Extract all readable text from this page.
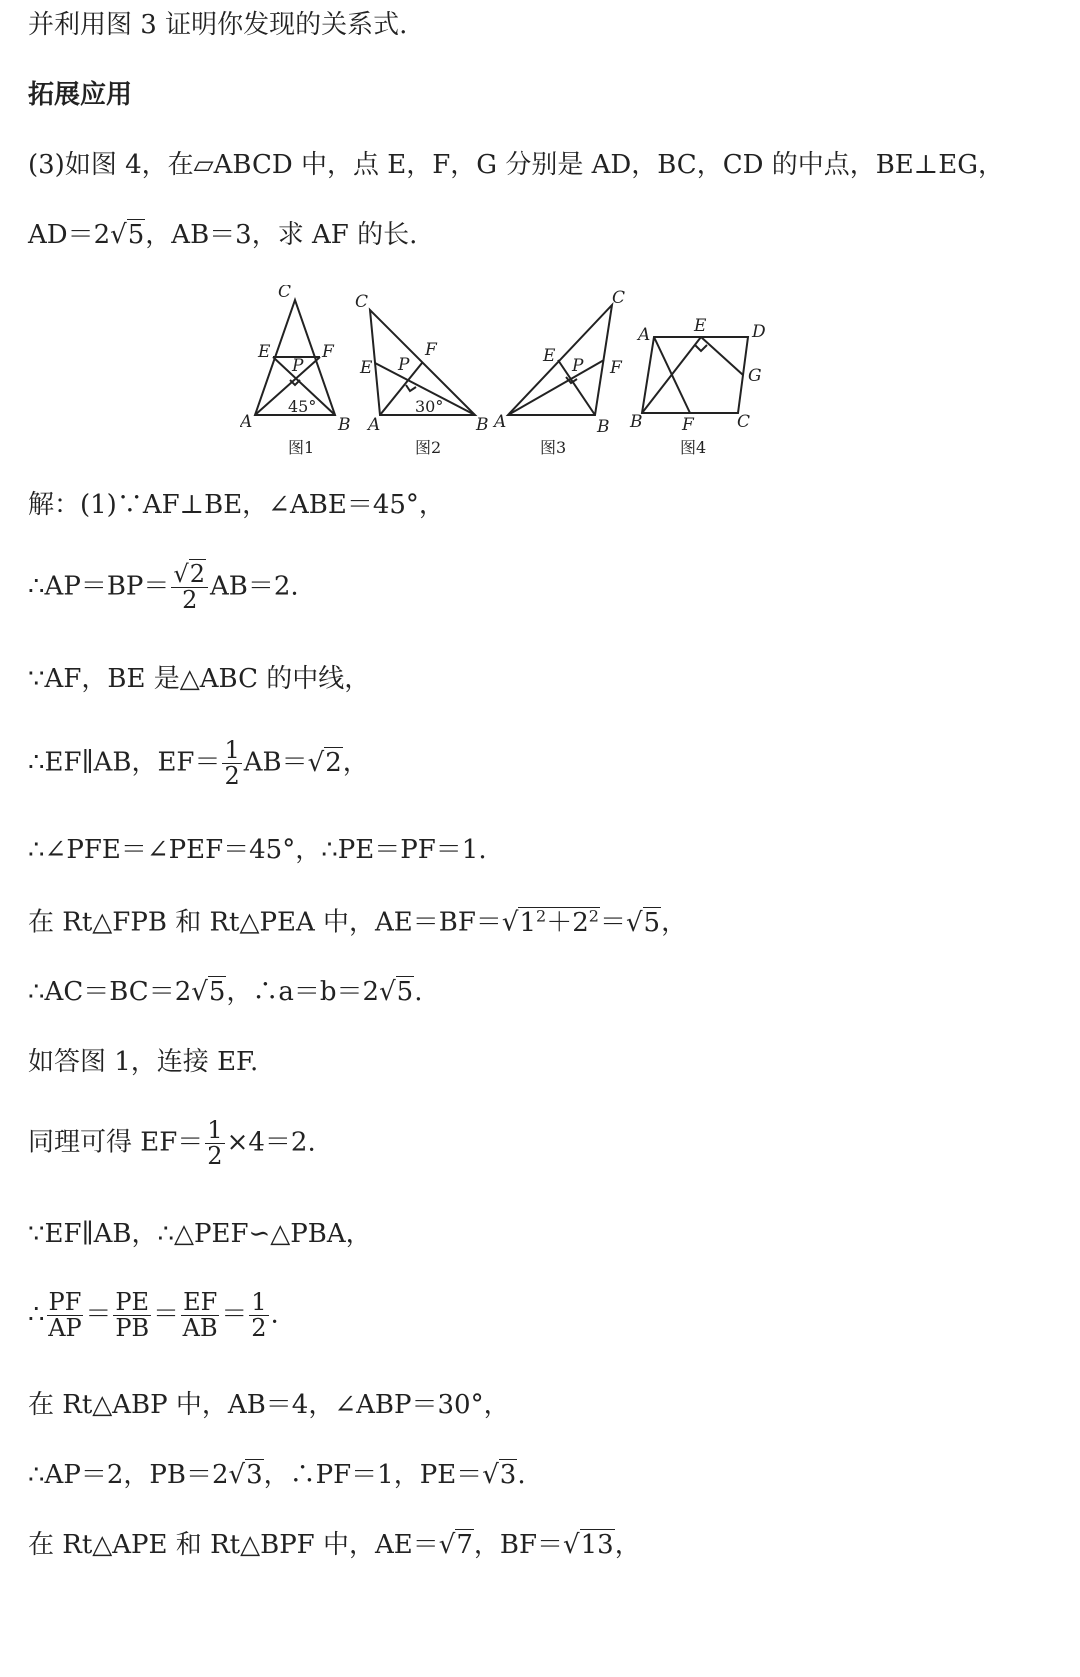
并利用图 3 证明你发现的关系式.
拓展应用
(3)如图 4，在▱ABCD 中，点 E，F，G 分别是 AD，BC，CD 的中点，BE⊥EG，
AD＝2√5，AB＝3，求 AF 的长.
C
E	F
P
A	B
45°
图1
C
E P
F
A	B
30°
图2
C
E P F
A	B
图3
A	E	D
G
B F	C
图4
解：(1)∵AF⊥BE，∠ABE＝45°，
∴AP＝BP＝ $\frac{√2}{2} AB=2$.
∵AF，BE 是△ABC 的中线，
∴EF∥AB，$EF= \frac{1}{2} AB=√2$，
∴∠PFE＝∠PEF＝45°，∴PE＝PF＝1.
在 Rt△FPB 和 Rt△PEA 中，$AE=BF=√1^2+2^2=√5$，
∴AC＝BC＝2√5，∴a＝b＝2√5.
如答图 1，连接 EF.
同理可得 $EF= \frac{1}{2} \times 4=2$.
∵EF∥AB，∴△PEF∽△PBA，
∴ $\frac{PF}{AP} = \frac{PE}{PB} = \frac{EF}{AB} = \frac{1}{2}$ .
在 Rt△ABP 中，AB＝4，∠ABP＝30°，
∴AP＝2，PB＝2√3，∴PF＝1，PE＝√3.
在 Rt△APE 和 Rt△BPF 中，AE＝√7，BF＝√13，
